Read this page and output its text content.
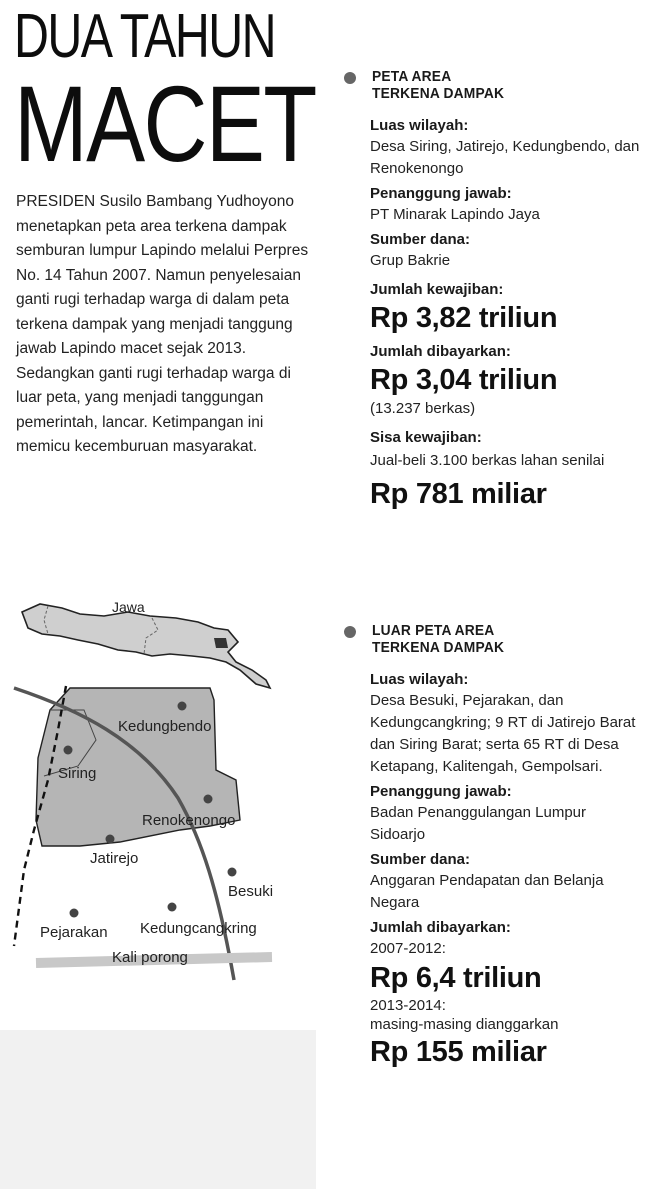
DUA TAHUN
MACET

PRESIDEN Susilo Bambang Yudhoyono menetapkan peta area terkena dampak semburan lumpur Lapindo melalui Perpres No. 14 Tahun 2007. Namun penyelesaian ganti rugi terhadap warga di dalam peta terkena dampak yang menjadi tanggung jawab Lapindo macet sejak 2013. Sedangkan ganti rugi terhadap warga di luar peta, yang menjadi tanggungan pemerintah, lancar. Ketimpangan ini memicu kecemburuan masyarakat.

PETA AREA
TERKENA DAMPAK
Luas wilayah:
Desa Siring, Jatirejo, Kedungbendo, dan Renokenongo
Penanggung jawab:
PT Minarak Lapindo Jaya
Sumber dana:
Grup Bakrie
Jumlah kewajiban:
Rp 3,82 triliun
Jumlah dibayarkan:
Rp 3,04 triliun
(13.237 berkas)
Sisa kewajiban:
Jual-beli 3.100 berkas lahan senilai
Rp 781 miliar
LUAR PETA AREA
TERKENA DAMPAK
Luas wilayah:
Desa Besuki, Pejarakan, dan Kedungcangkring; 9 RT di Jatirejo Barat dan Siring Barat; serta 65 RT di Desa Ketapang, Kalitengah, Gempolsari.
Penanggung jawab:
Badan Penanggulangan Lumpur Sidoarjo
Sumber dana:
Anggaran Pendapatan dan Belanja Negara
Jumlah dibayarkan:
2007-2012:
Rp 6,4 triliun
2013-2014:
masing-masing dianggarkan
Rp 155 miliar
Jawa
Kedungbendo
Siring
Renokenongo
Jatirejo
Besuki
Pejarakan Kedungcangkring
Kali porong
